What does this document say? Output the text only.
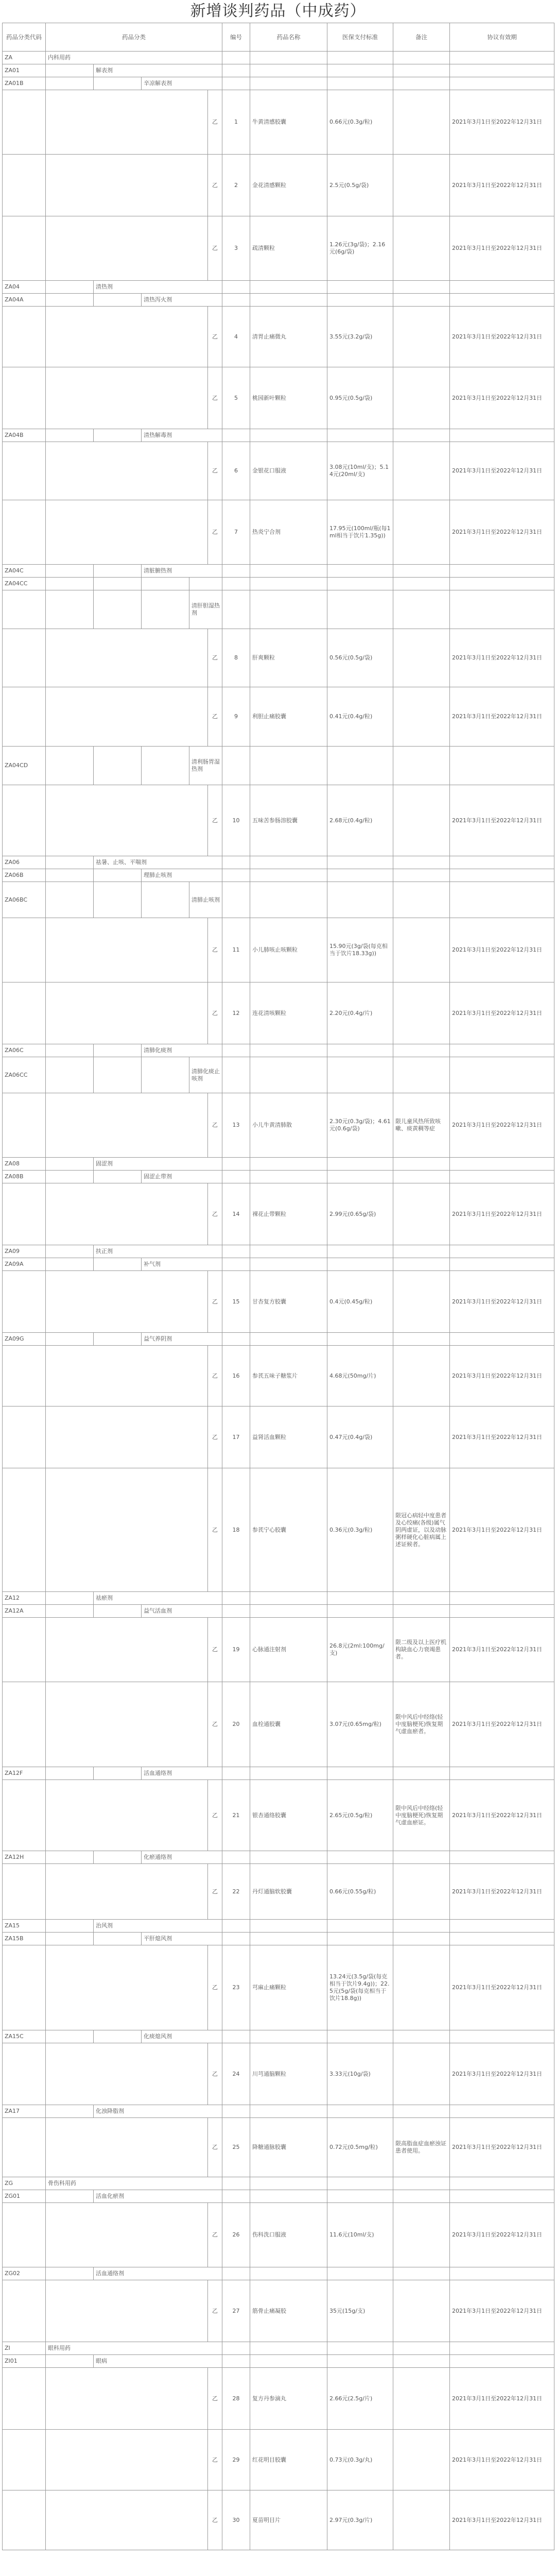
新增谈判药品（中成药）
药品分类代码	药品分类					编号	药品名称	医保支付标准	备注	协议有效期
ZA	内科用药									
ZA01		解表剂								
ZA01B			辛凉解表剂							
					乙	1	牛黄清感胶囊	0.66元(0.3g/粒)		2021年3月1日至2022年12月31日
					乙	2	金花清感颗粒	2.5元(0.5g/袋)		2021年3月1日至2022年12月31日
					乙	3	疏清颗粒	1.26元(3g/袋)；2.16元(6g/袋)		2021年3月1日至2022年12月31日
ZA04		清热剂								
ZA04A			清热泻火剂							
					乙	4	清胃止痛微丸	3.55元(3.2g/袋)		2021年3月1日至2022年12月31日
					乙	5	桃园新叶颗粒	0.95元(0.5g/袋)		2021年3月1日至2022年12月31日
ZA04B			清热解毒剂							
					乙	6	金银花口服液	3.08元(10ml/支)；5.14元(20ml/支)		2021年3月1日至2022年12月31日
					乙	7	热炎宁合剂	17.95元(100ml/瓶(每1ml相当于饮片1.35g))		2021年3月1日至2022年12月31日
ZA04C			清脏腑热剂							
ZA04CC										
				清肝胆湿热剂						
					乙	8	肝爽颗粒	0.56元(0.5g/袋)		2021年3月1日至2022年12月31日
					乙	9	利胆止痛胶囊	0.41元(0.4g/粒)		2021年3月1日至2022年12月31日
ZA04CD				清利肠胃湿热剂						
					乙	10	五味苦参肠溶胶囊	2.68元(0.4g/粒)		2021年3月1日至2022年12月31日
ZA06		祛暑、止咳、平喘剂								
ZA06B			理肺止咳剂							
ZA06BC				清肺止咳剂						
					乙	11	小儿肺咳止咳颗粒	15.90元(3g/袋(每克相当于饮片18.33g))		2021年3月1日至2022年12月31日
					乙	12	连花清咳颗粒	2.20元(0.4g/片)		2021年3月1日至2022年12月31日
ZA06C			清肺化痰剂							
ZA06CC				清肺化痰止咳剂						
					乙	13	小儿牛黄清肺散	2.30元(0.3g/袋)；4.61元(0.6g/袋)	限儿童风热所致咳嗽、痰黄稠等症	2021年3月1日至2022年12月31日
ZA08		固涩剂								
ZA08B			固涩止带剂							
					乙	14	裸花止带颗粒	2.99元(0.65g/袋)		2021年3月1日至2022年12月31日
ZA09		扶正剂								
ZA09A			补气剂							
					乙	15	甘杏复方胶囊	0.4元(0.45g/粒)		2021年3月1日至2022年12月31日
ZA09G			益气养阴剂							
					乙	16	参芪五味子糖浆片	4.68元(50mg/片)		2021年3月1日至2022年12月31日
					乙	17	益肾活血颗粒	0.47元(0.4g/袋)		2021年3月1日至2022年12月31日
					乙	18	参芪宁心胶囊	0.36元(0.3g/粒)	限冠心病轻中度患者及心绞痛(各级)属气阴两虚证，以及动脉粥样硬化心脏病属上述证候者。	2021年3月1日至2022年12月31日
ZA12		祛瘀剂								
ZA12A			益气活血剂							
					乙	19	心脉通注射剂	26.8元(2ml:100mg/支)	限二级及以上医疗机构缺血心力衰竭患者。	2021年3月1日至2022年12月31日
					乙	20	血栓通胶囊	3.07元(0.65mg/粒)	限中风后中经络(轻中度脑梗死)恢复期气虚血瘀者。	2021年3月1日至2022年12月31日
ZA12F			活血通络剂							
					乙	21	银杏通络胶囊	2.65元(0.5g/粒)	限中风后中经络(轻中度脑梗死)恢复期气虚血瘀证。	2021年3月1日至2022年12月31日
ZA12H			化瘀通络剂							
					乙	22	丹灯通脑软胶囊	0.66元(0.55g/粒)		2021年3月1日至2022年12月31日
ZA15		治风剂								
ZA15B			平肝熄风剂							
					乙	23	芎麻止痛颗粒	13.24元(3.5g/袋(每克相当于饮片9.4g))；22.5元(5g/袋(每克相当于饮片18.8g))		2021年3月1日至2022年12月31日
ZA15C			化痰熄风剂							
					乙	24	川芎通脑颗粒	3.33元(10g/袋)		2021年3月1日至2022年12月31日
ZA17		化浊降脂剂								
					乙	25	降糖通脉胶囊	0.72元(0.5mg/粒)	限高脂血症血瘀浊证患者使用。	2021年3月1日至2022年12月31日
ZG	骨伤科用药									
ZG01		活血化瘀剂								
					乙	26	伤科洗口服液	11.6元(10ml/支)		2021年3月1日至2022年12月31日
ZG02		活血通络剂								
					乙	27	筋骨止痛凝胶	35元(15g/支)		2021年3月1日至2022年12月31日
ZI	眼科用药									
ZI01		眼病								
					乙	28	复方丹参滴丸	2.66元(2.5g/片)		2021年3月1日至2022年12月31日
					乙	29	红花明目胶囊	0.73元(0.3g/丸)		2021年3月1日至2022年12月31日
					乙	30	夏苗明目片	2.97元(0.3g/片)		2021年3月1日至2022年12月31日
